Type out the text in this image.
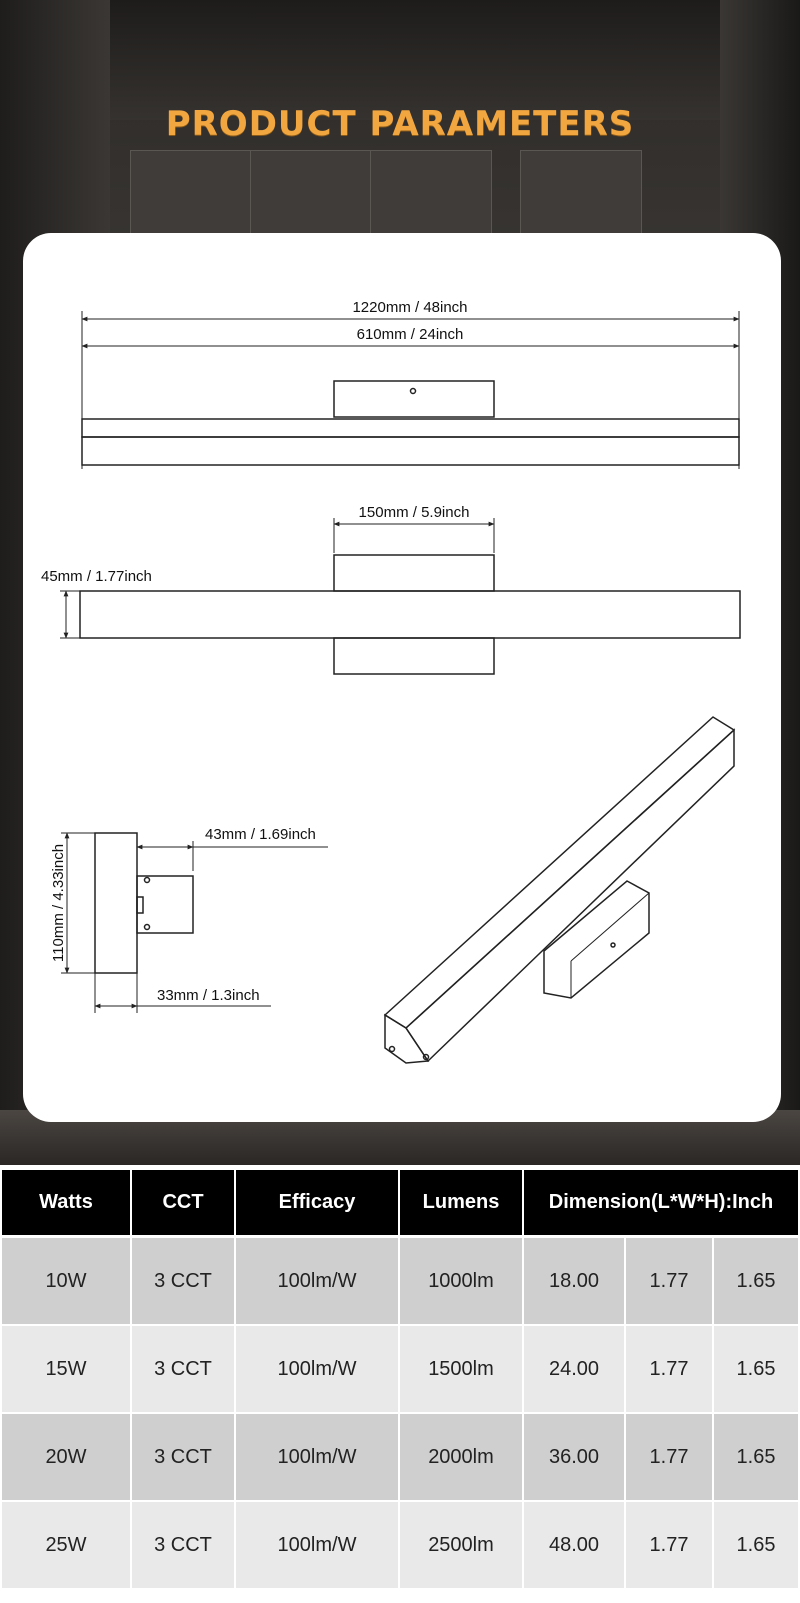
PRODUCT PARAMETERS
1220mm / 48inch
610mm / 24inch
150mm / 5.9inch
45mm / 1.77inch
43mm / 1.69inch
110mm / 4.33inch
33mm / 1.3inch
Watts	CCT	Efficacy	Lumens	Dimension(L*W*H):Inch
10W	3 CCT	100lm/W	1000lm	18.00	1.77	1.65
15W	3 CCT	100lm/W	1500lm	24.00	1.77	1.65
20W	3 CCT	100lm/W	2000lm	36.00	1.77	1.65
25W	3 CCT	100lm/W	2500lm	48.00	1.77	1.65
